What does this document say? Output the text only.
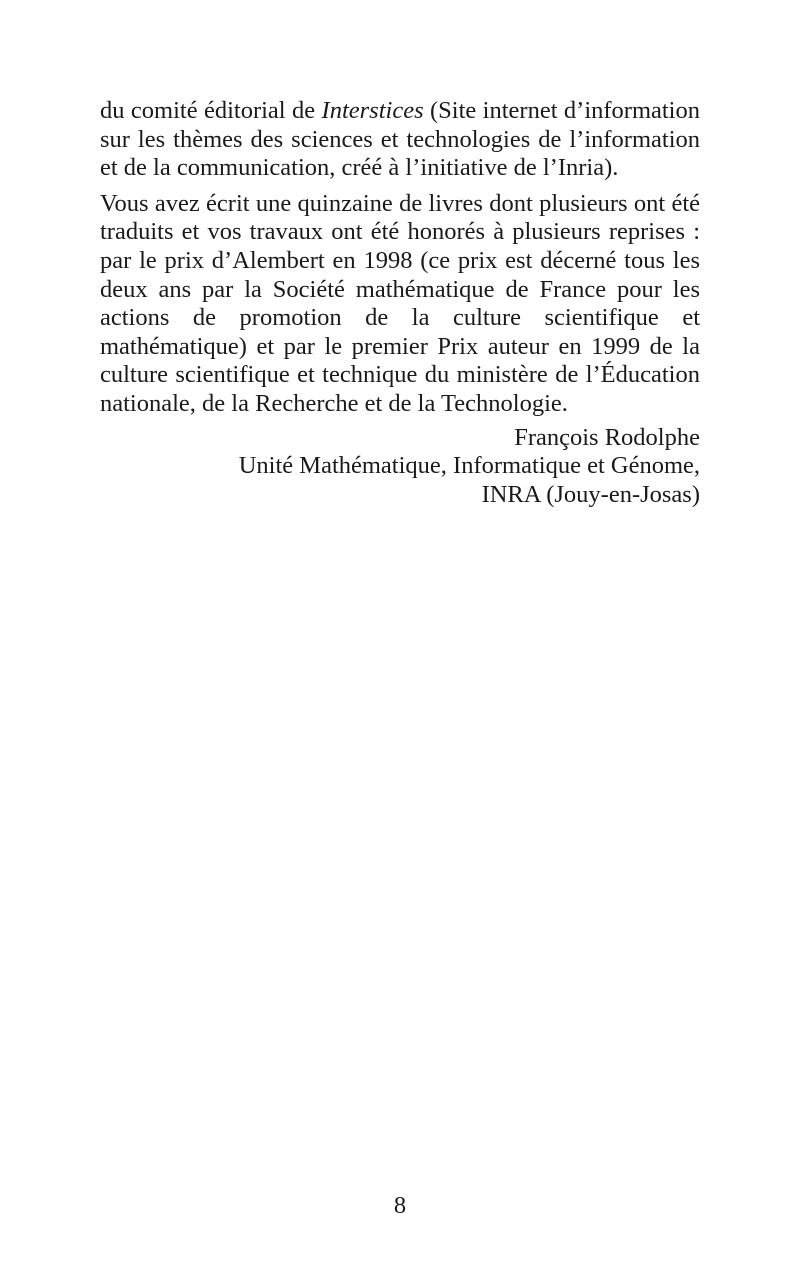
du comité éditorial de Interstices (Site internet d’information sur les thèmes des sciences et technologies de l’information et de la communication, créé à l’initiative de l’Inria).

Vous avez écrit une quinzaine de livres dont plusieurs ont été traduits et vos travaux ont été honorés à plusieurs reprises : par le prix d’Alembert en 1998 (ce prix est décerné tous les deux ans par la Société mathématique de France pour les actions de promotion de la culture scientifique et mathématique) et par le premier Prix auteur en 1999 de la culture scientifique et technique du ministère de l’Éducation nationale, de la Recherche et de la Technologie.

François Rodolphe
Unité Mathématique, Informatique et Génome,
INRA (Jouy-en-Josas)
8
